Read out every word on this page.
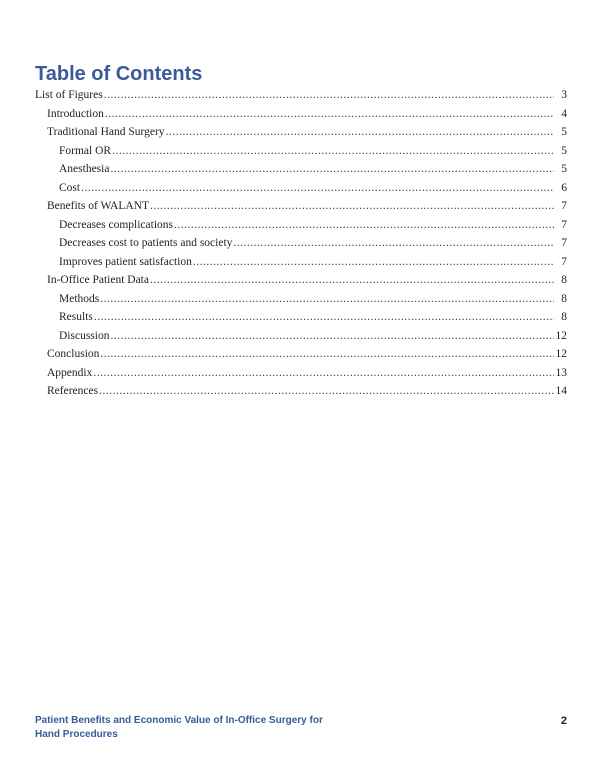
Table of Contents
List of Figures .....	3
Introduction .....	4
Traditional Hand Surgery .....	5
Formal OR .....	5
Anesthesia .....	5
Cost .....	6
Benefits of WALANT .....	7
Decreases complications .....	7
Decreases cost to patients and society .....	7
Improves patient satisfaction .....	7
In-Office Patient Data .....	8
Methods .....	8
Results .....	8
Discussion .....	12
Conclusion .....	12
Appendix .....	13
References .....	14
Patient Benefits and Economic Value of In-Office Surgery for Hand Procedures
2
